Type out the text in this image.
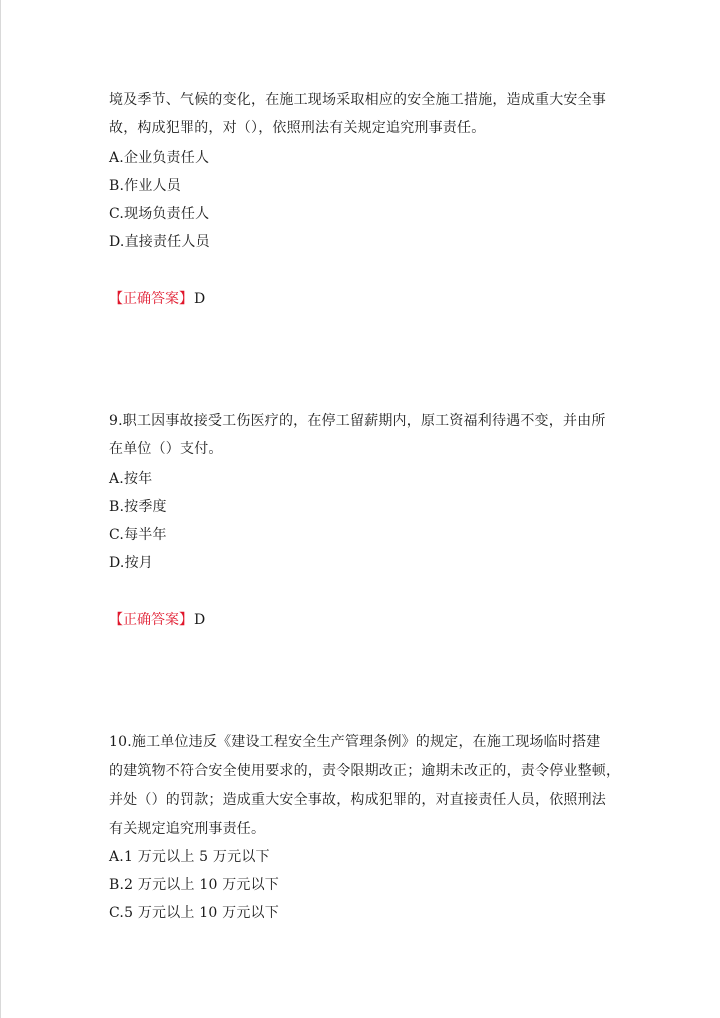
境及季节、气候的变化，在施工现场采取相应的安全施工措施，造成重大安全事
故，构成犯罪的，对（），依照刑法有关规定追究刑事责任。
A.企业负责任人
B.作业人员
C.现场负责任人
D.直接责任人员
【正确答案】D
9.职工因事故接受工伤医疗的，在停工留薪期内，原工资福利待遇不变，并由所
在单位（）支付。
A.按年
B.按季度
C.每半年
D.按月
【正确答案】D
10.施工单位违反《建设工程安全生产管理条例》的规定，在施工现场临时搭建
的建筑物不符合安全使用要求的，责令限期改正；逾期未改正的，责令停业整顿，
并处（）的罚款；造成重大安全事故，构成犯罪的，对直接责任人员，依照刑法
有关规定追究刑事责任。
A.1 万元以上 5 万元以下
B.2 万元以上 10 万元以下
C.5 万元以上 10 万元以下
